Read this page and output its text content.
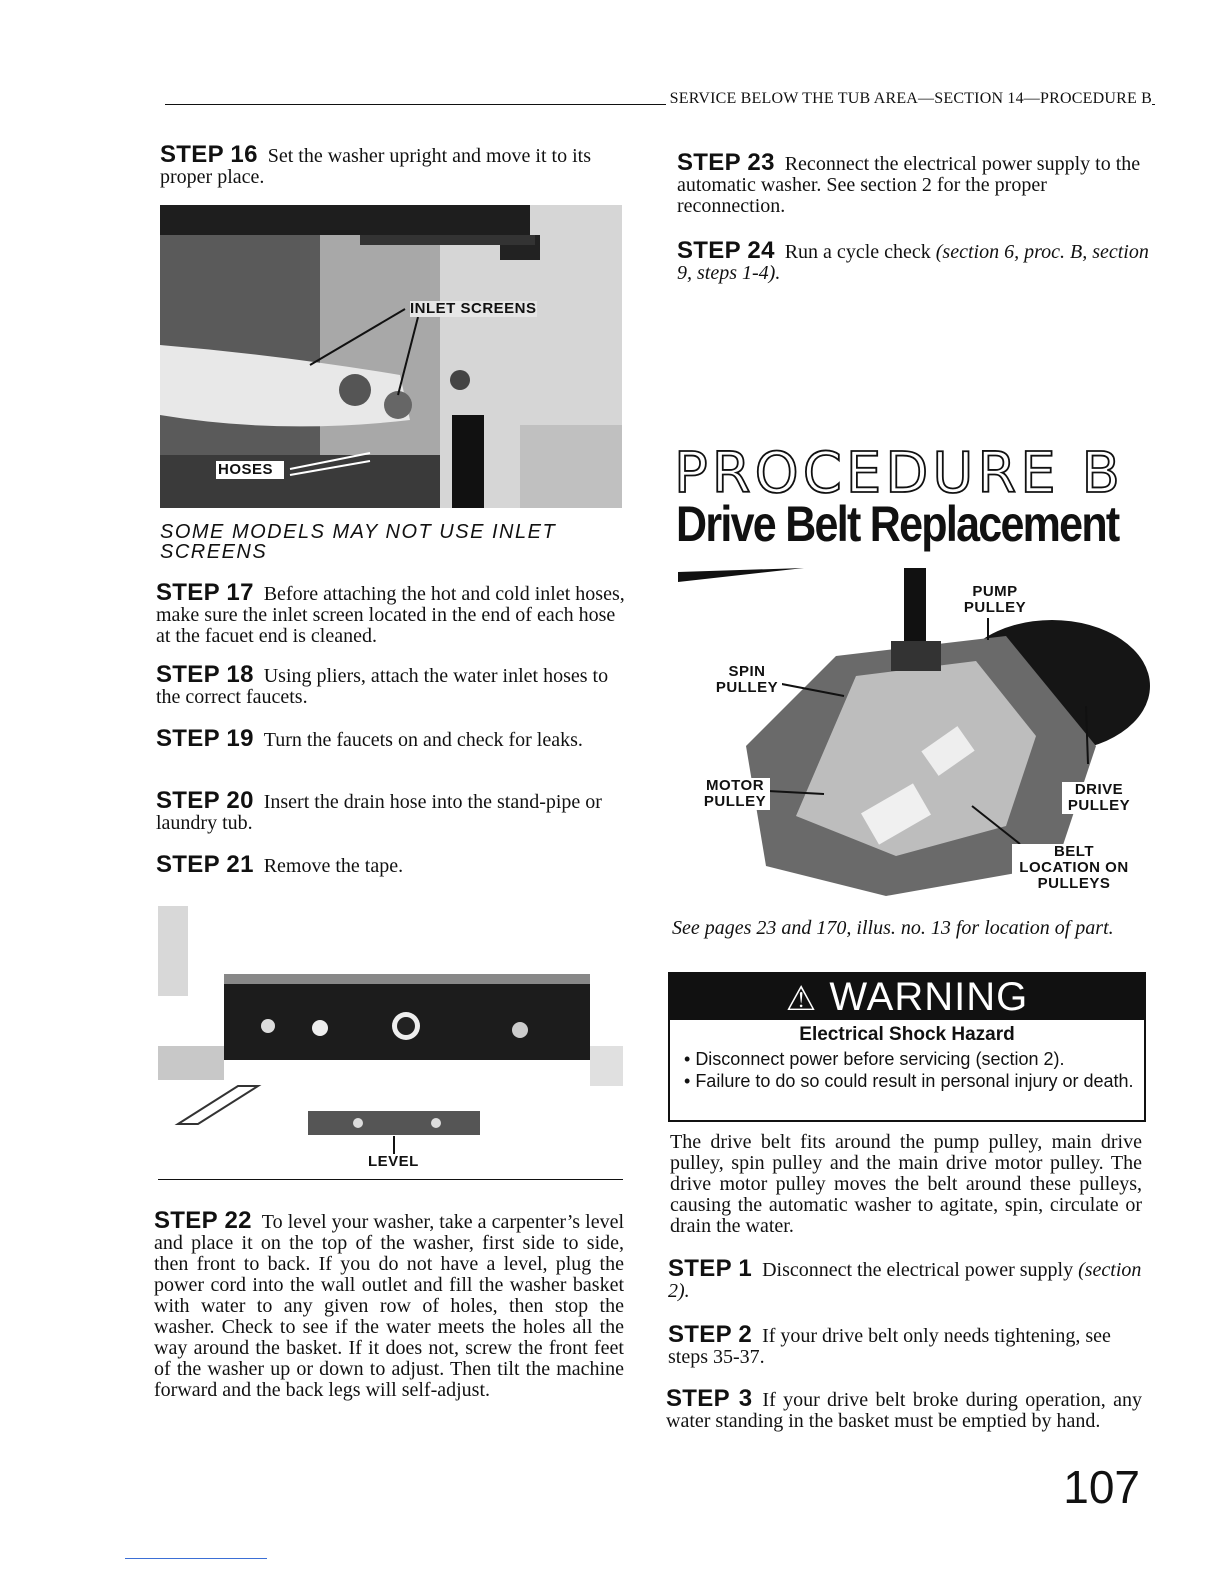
SERVICE BELOW THE TUB AREA—SECTION 14—PROCEDURE B

STEP 16 Set the washer upright and move it to its proper place.

INLET SCREENS
HOSES
SOME MODELS MAY NOT USE INLET SCREENS

STEP 17 Before attaching the hot and cold inlet hoses, make sure the inlet screen located in the end of each hose at the facuet end is cleaned.

STEP 18 Using pliers, attach the water inlet hoses to the correct faucets.

STEP 19 Turn the faucets on and check for leaks.

STEP 20 Insert the drain hose into the stand-pipe or laundry tub.

STEP 21 Remove the tape.

LEVEL

STEP 22 To level your washer, take a carpenter’s level and place it on the top of the washer, first side to side, then front to back. If you do not have a level, plug the power cord into the wall outlet and fill the washer basket with water to any given row of holes, then stop the washer. Check to see if the water meets the holes all the way around the basket. If it does not, screw the front feet of the washer up or down to adjust. Then tilt the machine forward and the back legs will self-adjust.

STEP 23 Reconnect the electrical power supply to the automatic washer. See section 2 for the proper reconnection.

STEP 24 Run a cycle check (section 6, proc. B, section 9, steps 1-4).

PROCEDURE B
Drive Belt Replacement
PUMP PULLEY
SPIN PULLEY
MOTOR PULLEY
DRIVE PULLEY
BELT LOCATION ON PULLEYS
See pages 23 and 170, illus. no. 13 for location of part.
⚠ WARNING
Electrical Shock Hazard
• Disconnect power before servicing (section 2).
• Failure to do so could result in personal injury or death.
The drive belt fits around the pump pulley, main drive pulley, spin pulley and the main drive motor pulley. The drive motor pulley moves the belt around these pulleys, causing the automatic washer to agitate, spin, circulate or drain the water.

STEP 1 Disconnect the electrical power supply (section 2).

STEP 2 If your drive belt only needs tightening, see steps 35-37.

STEP 3 If your drive belt broke during operation, any water standing in the basket must be emptied by hand.

107
